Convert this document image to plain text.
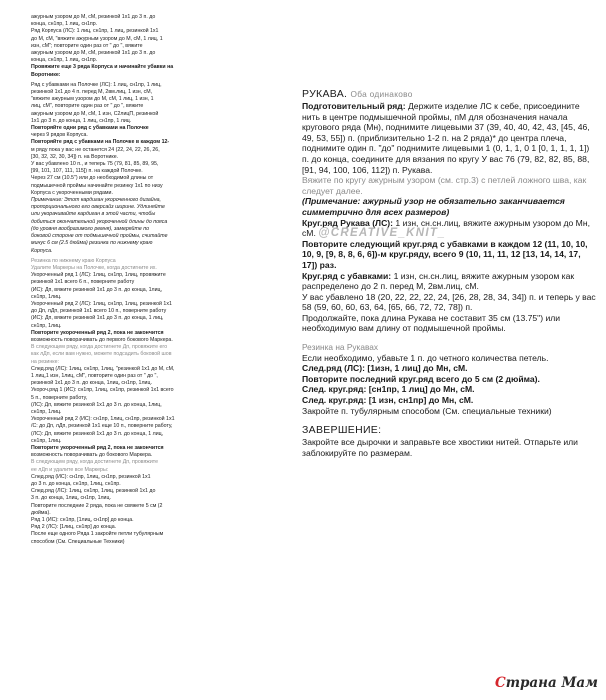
ажурным узором до М, сМ, резинкой 1х1 до 3 п. до

конца, сн1пр, 1 лиц, сн1пр.

Ряд Корпуса (ЛС): 1 лиц, сн1пр, 1 лиц, резинкой 1х1

до М, сМ, "вяжите ажурным узором до М, сМ, 1 лиц, 1

изн, сМ"; повторите один раз от " до ", вяжите

ажурным узором до М, сМ, резинкой 1х1 до 3 п. до

конца, сн1пр, 1 лиц, сн1пр.

Провяжите еще 3 ряда Корпуса и начинайте убавки на

Воротнике:

Ряд с убавками на Полочке (ЛС): 1 лиц, сн1пр, 1 лиц,

резинкой 1х1 до 4 п. перед М, 2вм.лиц, 1 изн, сМ,

"вяжите ажурным узором до М, сМ, 1 лиц, 1 изн, 1

лиц, сМ", повторите один раз от " до ", вяжите

ажурным узором до М, сМ, 1 изн, С2лицП, резинкой

1х1 до 3 п. до конца, 1 лиц, сн1пр, 1 лиц.

Повторяйте одни ряд с убавками на Полочке

через 9 рядов Корпуса.

Повторяйте ряд с убавками на Полочке в каждом 12-

м ряду пока у вас не останется 24 (22, 24, 22, 26, 26,

[30, 32, 32, 30, 34]) п. на Воротнике.

У вас убавлено 10 п., и теперь 75 (79, 81, 85, 89, 95,

[99, 101, 107, 111, 115]) п. на каждой Полочке.

Через 27 см (10.5") или до необходимой длины от

подмышечной проймы начинайте резинку 1х1 по низу

Корпуса с укороченными рядами.

Примечание: Этот кардиган укороченного дизайна,

пропорционального его оверсайз ширине. Удлиняйте

или укорачивайте кардиган в этой части, чтобы

добиться окончательной укороченной длины до пояса

(до уровня вообразимого ремня), замеряйте по

боковой стороне от подмышечной проймы, считайте

минус 6 см (2.5 дюйма) резинка по нижнему краю

Корпуса.

Резинка по нижнему краю Корпуса

Удалите Маркеры на Полочке, когда достигните их.

Укороченный ряд 1 (ЛС): 1лиц, сн1пр, 1лиц, провяжите

резинкой 1х1 всего 6 п., поверните работу

(ИС): Дп, вяжите резинкой 1х1 до 3 п. до конца, 1лиц,

сн1пр, 1лиц.

Укороченный ряд 2 (ЛС): 1лиц, сн1пр, 1лиц, резинкой 1х1

до Дп, лДп, резинкой 1х1 всего 10 п., поверните работу

(ИС): Дп, вяжите резинкой 1х1 до 3 п. до конца, 1 лиц,

сн1пр, 1лиц.

Повторите укороченный ряд 2, пока не закончится

возможность поворачивать до первого бокового Маркера.

В следующем ряду, когда достигнете Дп, провяжите его

как лДп, если вам нужно, можете подсадить боковой шов

на резинке:

След.ряд (ЛС): 1лиц, сн1пр, 1лиц, "резинкой 1х1 до М, сМ,

1 лиц,1 изн, 1лиц, сМ", повторите один раз от " до ",

резинкой 1х1 до 3 п. до конца, 1лиц, сн1пр, 1лиц.

Укороч.ряд 1 (ИС): сн1пр, 1лиц, сн1пр, резинкой 1х1 всего

5 п., поверните работу,

(ЛС): Дп, вяжите резинкой 1х1 до 3 п. до конца, 1лиц,

сн1пр, 1лиц.

Укороченный ряд 2 (ИС): сн1пр, 1лиц, сн1пр, резинкой 1х1

/С: до Дп, лДп, резинкой 1х1 еще 10 п., поверните работу,

(ЛС): Дп, вяжите резинкой 1х1 до 3 п. до конца, 1 лиц,

сн1пр, 1лиц.

Повторите укороченный ряд 2, пока не закончится

возможность поворачивать до бокового Маркера.

В следующем ряду, когда достигнете Дп, провяжите

ее лДп и удалите все Маркеры:

След.ряд (ИС): сн1пр, 1лиц, сн1пр, резинкой 1х1

до 3 п. до конца, сн1пр, 1лиц, сн1пр.

След.ряд (ЛС): 1лиц, сн1пр, 1лиц, резинкой 1х1 до

3 п. до конца, 1лиц, сн1пр, 1лиц.

Повторите последние 2 ряда, пока не свяжете 5 см (2

дюйма).

Ряд 1 (ИС): сн1пр, [1лиц, сн1пр] до конца.

Ряд 2 (ЛС): [1лиц, сн1пр] до конца.

После еще одного Ряда 1 закройте петли тубулярным

способом (См. Специальные Техники)

РУКАВА. Оба одинаково

Подготовительный ряд: Держите изделие ЛС к себе, присоедините нить в центре подмышечной проймы, пМ для обозначения начала кругового ряда (Мн), поднимите лицевыми 37 (39, 40, 40, 42, 43, [45, 46, 49, 53, 55]) п. (приблизительно 1-2 п. на 2 ряда)* до центра плеча, поднимите один п. "до" поднимите лицевыми 1 (0, 1, 1, 0 1 [0, 1, 1, 1, 1]) п. до конца, соедините для вязания по кругу У вас 76 (79, 82, 82, 85, 88, [91, 94, 100, 106, 112]) п. Рукава.

Вяжите по кругу ажурным узором (см. стр.3) с петлей ложного шва, как следует далее.

(Примечание: ажурный узор не обязательно заканчивается симметрично для всех размеров)

Круг.ряд Рукава (ЛС): 1 изн, сн.сн.лиц, вяжите ажурным узором до Мн, сМ. @CREATIVE_KNIT_

Повторите следующий круг.ряд с убавками в каждом 12 (11, 10, 10, 10, 9, [9, 8, 8, 6, 6])-м круг.ряду, всего 9 (10, 11, 11, 12 [13, 14, 14, 17, 17]) раз.

Круг.ряд с убавками: 1 изн, сн.сн.лиц, вяжите ажурным узором как распределено до 2 п. перед М, 2вм.лиц, сМ.

У вас убавлено 18 (20, 22, 22, 22, 24, [26, 28, 28, 34, 34]) п. и теперь у вас 58 (59, 60, 60, 63, 64, [65, 66, 72, 72, 78]) п.

Продолжайте, пока длина Рукава не составит 35 см (13.75") или необходимую вам длину от подмышечной проймы.

Резинка на Рукавах

Если необходимо, убавьте 1 п. до четного количества петель.

След.ряд (ЛС): [1изн, 1 лиц] до Мн, сМ.

Повторите последний круг.ряд всего до 5 см (2 дюйма).

След. круг.ряд: [сн1пр, 1 лиц] до Мн, сМ.

След. круг.ряд: [1 изн, сн1пр] до Мн, сМ.

Закройте п. тубулярным способом (См. специальные техники)

ЗАВЕРШЕНИЕ:

Закройте все дырочки и заправьте все хвостики нитей. Отпарьте или заблокируйте по размерам.

Страна Мам
